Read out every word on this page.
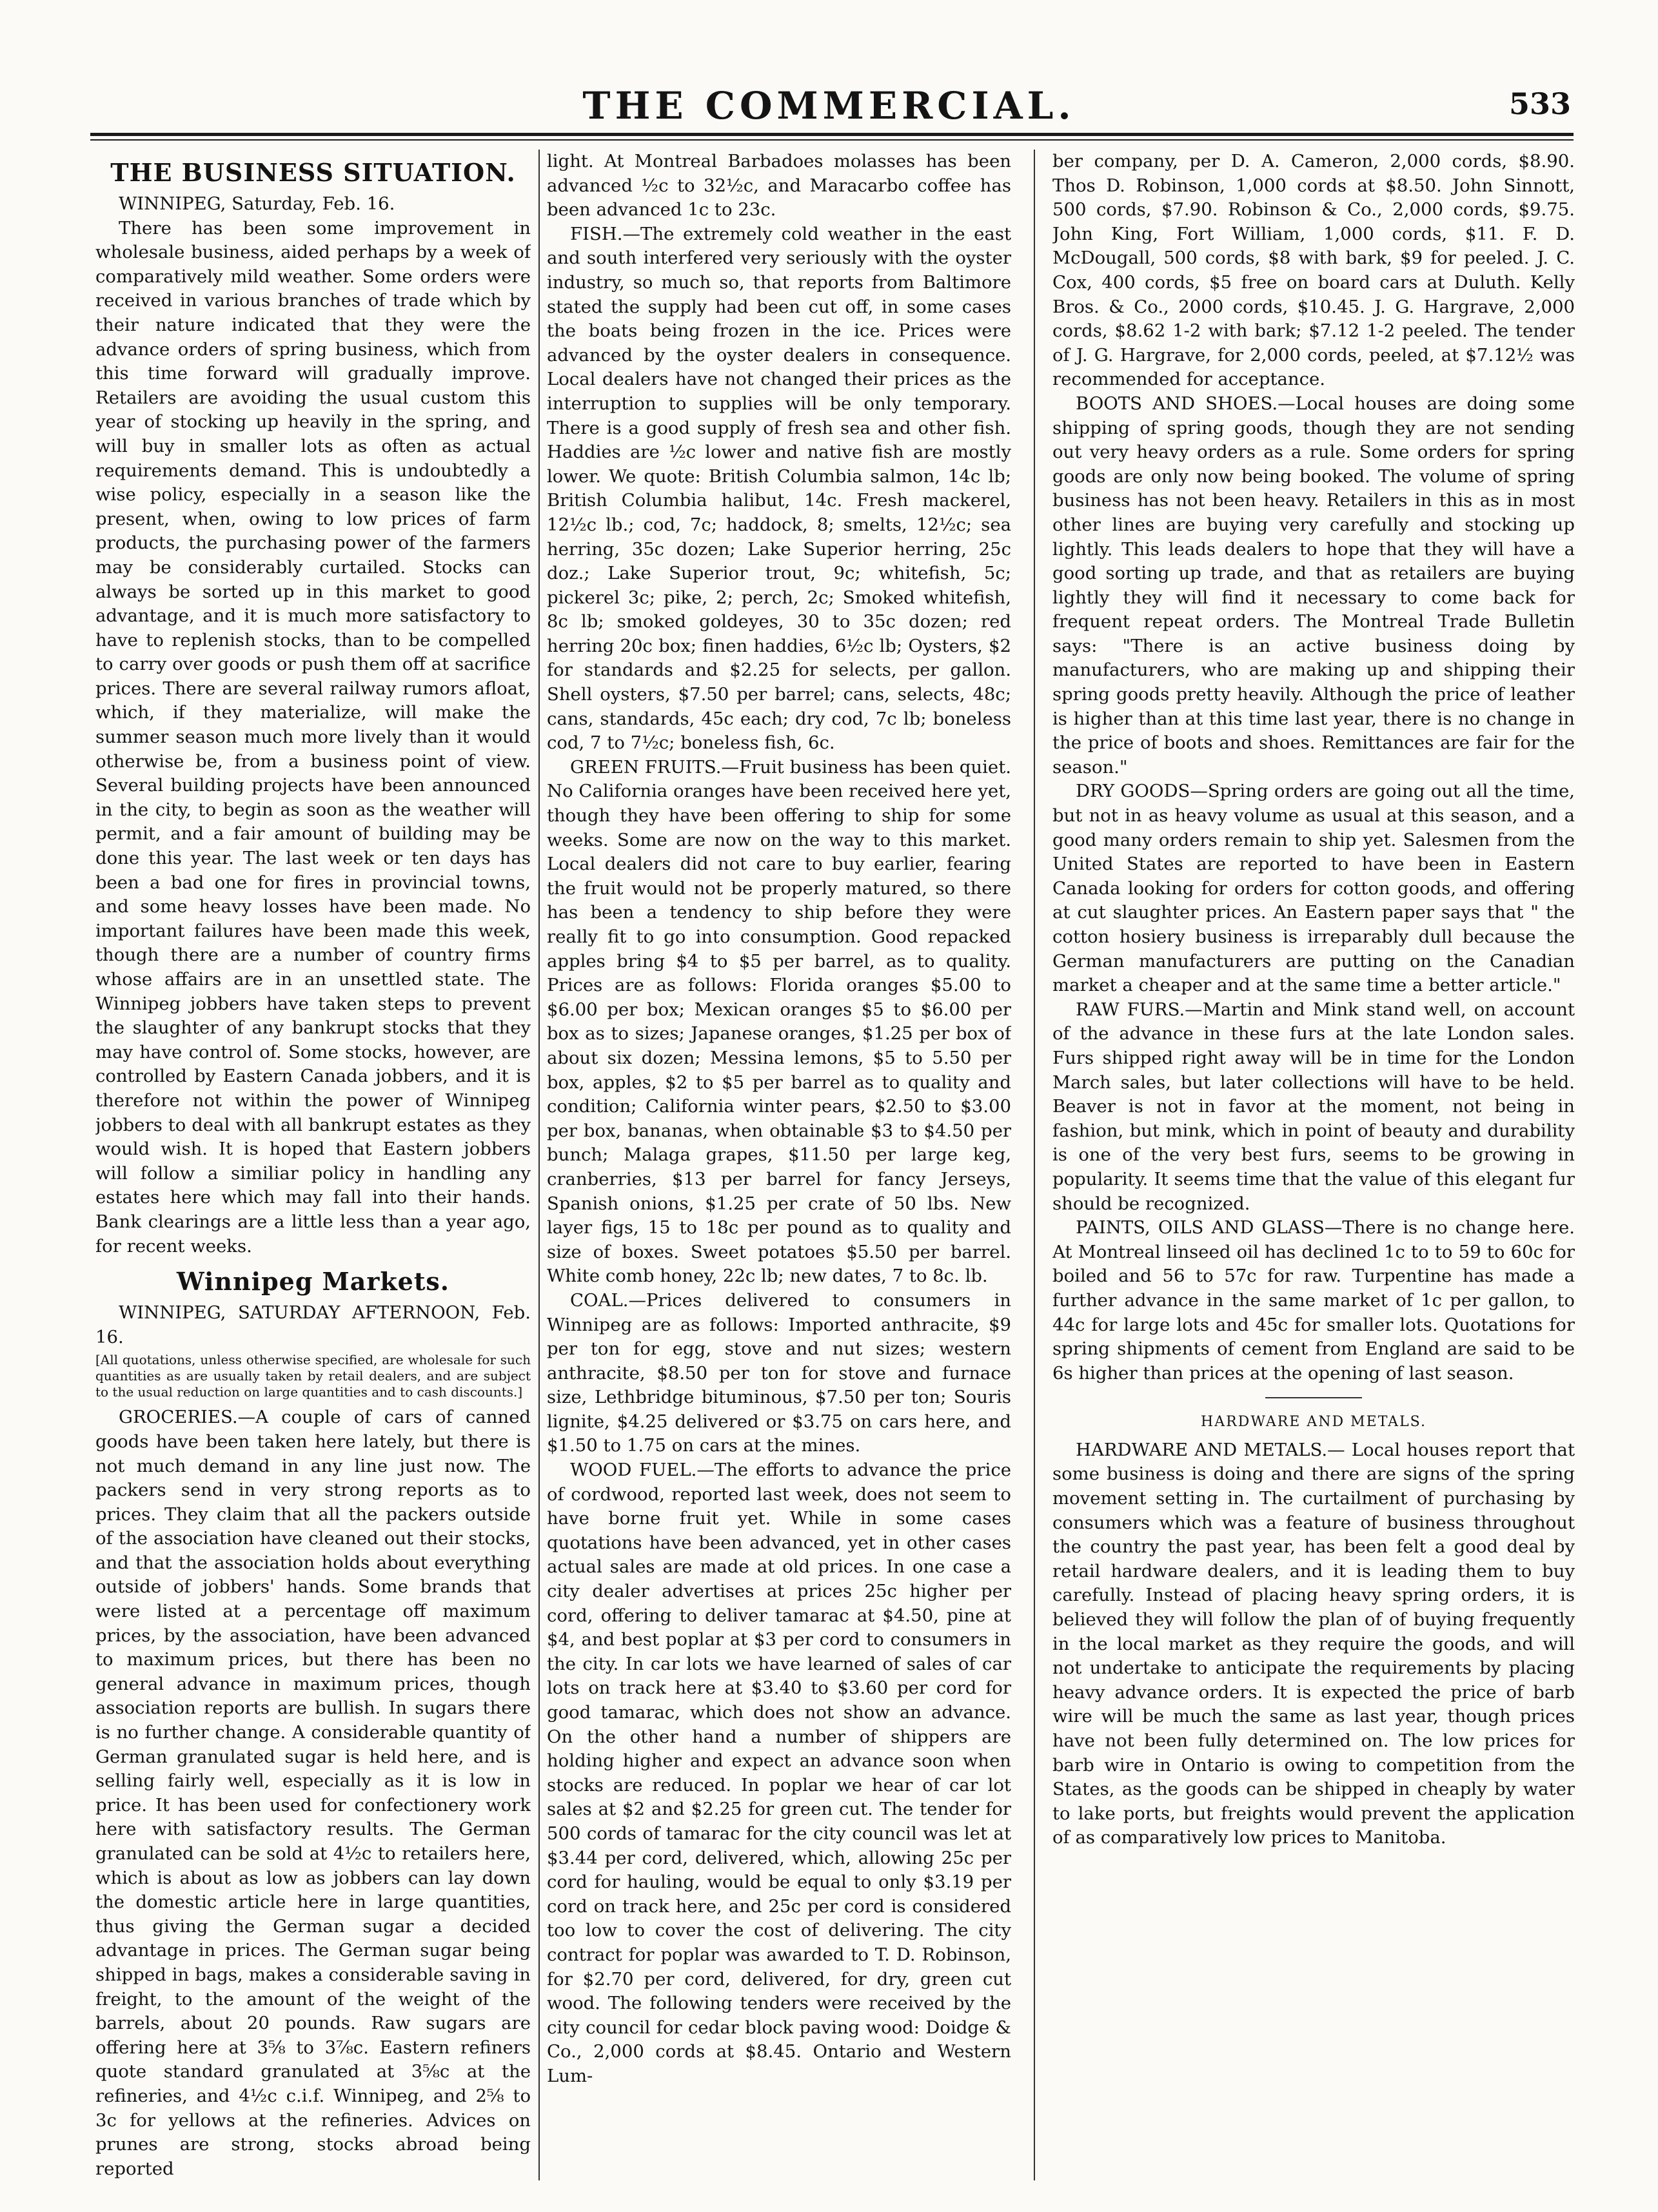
THE COMMERCIAL.	533
THE BUSINESS SITUATION.

WINNIPEG, Saturday, Feb. 16.

There has been some improvement in wholesale business, aided perhaps by a week of comparatively mild weather. Some orders were received in various branches of trade which by their nature indicated that they were the advance orders of spring business, which from this time forward will gradually improve. Retailers are avoiding the usual custom this year of stocking up heavily in the spring, and will buy in smaller lots as often as actual requirements demand. This is undoubtedly a wise policy, especially in a season like the present, when, owing to low prices of farm products, the purchasing power of the farmers may be considerably curtailed. Stocks can always be sorted up in this market to good advantage, and it is much more satisfactory to have to replenish stocks, than to be compelled to carry over goods or push them off at sacrifice prices. There are several railway rumors afloat, which, if they materialize, will make the summer season much more lively than it would otherwise be, from a business point of view. Several building projects have been announced in the city, to begin as soon as the weather will permit, and a fair amount of building may be done this year. The last week or ten days has been a bad one for fires in provincial towns, and some heavy losses have been made. No important failures have been made this week, though there are a number of country firms whose affairs are in an unsettled state. The Winnipeg jobbers have taken steps to prevent the slaughter of any bankrupt stocks that they may have control of. Some stocks, however, are controlled by Eastern Canada jobbers, and it is therefore not within the power of Winnipeg jobbers to deal with all bankrupt estates as they would wish. It is hoped that Eastern jobbers will follow a similiar policy in handling any estates here which may fall into their hands. Bank clearings are a little less than a year ago, for recent weeks.

Winnipeg Markets.

WINNIPEG, SATURDAY AFTERNOON, Feb. 16.

[All quotations, unless otherwise specified, are wholesale for such quantities as are usually taken by retail dealers, and are subject to the usual reduction on large quantities and to cash discounts.]

GROCERIES.—A couple of cars of canned goods have been taken here lately, but there is not much demand in any line just now. The packers send in very strong reports as to prices. They claim that all the packers outside of the association have cleaned out their stocks, and that the association holds about everything outside of jobbers' hands. Some brands that were listed at a percentage off maximum prices, by the association, have been advanced to maximum prices, but there has been no general advance in maximum prices, though association reports are bullish. In sugars there is no further change. A considerable quantity of German granulated sugar is held here, and is selling fairly well, especially as it is low in price. It has been used for confectionery work here with satisfactory results. The German granulated can be sold at 4½c to retailers here, which is about as low as jobbers can lay down the domestic article here in large quantities, thus giving the German sugar a decided advantage in prices. The German sugar being shipped in bags, makes a considerable saving in freight, to the amount of the weight of the barrels, about 20 pounds. Raw sugars are offering here at 3⅝ to 3⅞c. Eastern refiners quote standard granulated at 3⅝c at the refineries, and 4½c c.i.f. Winnipeg, and 2⅝ to 3c for yellows at the refineries. Advices on prunes are strong, stocks abroad being reported

light. At Montreal Barbadoes molasses has been advanced ½c to 32½c, and Maracarbo coffee has been advanced 1c to 23c.

FISH.—The extremely cold weather in the east and south interfered very seriously with the oyster industry, so much so, that reports from Baltimore stated the supply had been cut off, in some cases the boats being frozen in the ice. Prices were advanced by the oyster dealers in consequence. Local dealers have not changed their prices as the interruption to supplies will be only temporary. There is a good supply of fresh sea and other fish. Haddies are ½c lower and native fish are mostly lower. We quote: British Columbia salmon, 14c lb; British Columbia halibut, 14c. Fresh mackerel, 12½c lb.; cod, 7c; haddock, 8; smelts, 12½c; sea herring, 35c dozen; Lake Superior herring, 25c doz.; Lake Superior trout, 9c; whitefish, 5c; pickerel 3c; pike, 2; perch, 2c; Smoked whitefish, 8c lb; smoked goldeyes, 30 to 35c dozen; red herring 20c box; finen haddies, 6½c lb; Oysters, $2 for standards and $2.25 for selects, per gallon. Shell oysters, $7.50 per barrel; cans, selects, 48c; cans, standards, 45c each; dry cod, 7c lb; boneless cod, 7 to 7½c; boneless fish, 6c.

GREEN FRUITS.—Fruit business has been quiet. No California oranges have been received here yet, though they have been offering to ship for some weeks. Some are now on the way to this market. Local dealers did not care to buy earlier, fearing the fruit would not be properly matured, so there has been a tendency to ship before they were really fit to go into consumption. Good repacked apples bring $4 to $5 per barrel, as to quality. Prices are as follows: Florida oranges $5.00 to $6.00 per box; Mexican oranges $5 to $6.00 per box as to sizes; Japanese oranges, $1.25 per box of about six dozen; Messina lemons, $5 to 5.50 per box, apples, $2 to $5 per barrel as to quality and condition; California winter pears, $2.50 to $3.00 per box, bananas, when obtainable $3 to $4.50 per bunch; Malaga grapes, $11.50 per large keg, cranberries, $13 per barrel for fancy Jerseys, Spanish onions, $1.25 per crate of 50 lbs. New layer figs, 15 to 18c per pound as to quality and size of boxes. Sweet potatoes $5.50 per barrel. White comb honey, 22c lb; new dates, 7 to 8c. lb.

COAL.—Prices delivered to consumers in Winnipeg are as follows: Imported anthracite, $9 per ton for egg, stove and nut sizes; western anthracite, $8.50 per ton for stove and furnace size, Lethbridge bituminous, $7.50 per ton; Souris lignite, $4.25 delivered or $3.75 on cars here, and $1.50 to 1.75 on cars at the mines.

WOOD FUEL.—The efforts to advance the price of cordwood, reported last week, does not seem to have borne fruit yet. While in some cases quotations have been advanced, yet in other cases actual sales are made at old prices. In one case a city dealer advertises at prices 25c higher per cord, offering to deliver tamarac at $4.50, pine at $4, and best poplar at $3 per cord to consumers in the city. In car lots we have learned of sales of car lots on track here at $3.40 to $3.60 per cord for good tamarac, which does not show an advance. On the other hand a number of shippers are holding higher and expect an advance soon when stocks are reduced. In poplar we hear of car lot sales at $2 and $2.25 for green cut. The tender for 500 cords of tamarac for the city council was let at $3.44 per cord, delivered, which, allowing 25c per cord for hauling, would be equal to only $3.19 per cord on track here, and 25c per cord is considered too low to cover the cost of delivering. The city contract for poplar was awarded to T. D. Robinson, for $2.70 per cord, delivered, for dry, green cut wood. The following tenders were received by the city council for cedar block paving wood: Doidge & Co., 2,000 cords at $8.45. Ontario and Western Lum-

ber company, per D. A. Cameron, 2,000 cords, $8.90. Thos D. Robinson, 1,000 cords at $8.50. John Sinnott, 500 cords, $7.90. Robinson & Co., 2,000 cords, $9.75. John King, Fort William, 1,000 cords, $11. F. D. McDougall, 500 cords, $8 with bark, $9 for peeled. J. C. Cox, 400 cords, $5 free on board cars at Duluth. Kelly Bros. & Co., 2000 cords, $10.45. J. G. Hargrave, 2,000 cords, $8.62 1-2 with bark; $7.12 1-2 peeled. The tender of J. G. Hargrave, for 2,000 cords, peeled, at $7.12½ was recommended for acceptance.

BOOTS AND SHOES.—Local houses are doing some shipping of spring goods, though they are not sending out very heavy orders as a rule. Some orders for spring goods are only now being booked. The volume of spring business has not been heavy. Retailers in this as in most other lines are buying very carefully and stocking up lightly. This leads dealers to hope that they will have a good sorting up trade, and that as retailers are buying lightly they will find it necessary to come back for frequent repeat orders. The Montreal Trade Bulletin says: "There is an active business doing by manufacturers, who are making up and shipping their spring goods pretty heavily. Although the price of leather is higher than at this time last year, there is no change in the price of boots and shoes. Remittances are fair for the season."

DRY GOODS—Spring orders are going out all the time, but not in as heavy volume as usual at this season, and a good many orders remain to ship yet. Salesmen from the United States are reported to have been in Eastern Canada looking for orders for cotton goods, and offering at cut slaughter prices. An Eastern paper says that " the cotton hosiery business is irreparably dull because the German manufacturers are putting on the Canadian market a cheaper and at the same time a better article."

RAW FURS.—Martin and Mink stand well, on account of the advance in these furs at the late London sales. Furs shipped right away will be in time for the London March sales, but later collections will have to be held. Beaver is not in favor at the moment, not being in fashion, but mink, which in point of beauty and durability is one of the very best furs, seems to be growing in popularity. It seems time that the value of this elegant fur should be recognized.

PAINTS, OILS AND GLASS—There is no change here. At Montreal linseed oil has declined 1c to to 59 to 60c for boiled and 56 to 57c for raw. Turpentine has made a further advance in the same market of 1c per gallon, to 44c for large lots and 45c for smaller lots. Quotations for spring shipments of cement from England are said to be 6s higher than prices at the opening of last season.

HARDWARE AND METALS.

HARDWARE AND METALS.— Local houses report that some business is doing and there are signs of the spring movement setting in. The curtailment of purchasing by consumers which was a feature of business throughout the country the past year, has been felt a good deal by retail hardware dealers, and it is leading them to buy carefully. Instead of placing heavy spring orders, it is believed they will follow the plan of of buying frequently in the local market as they require the goods, and will not undertake to anticipate the requirements by placing heavy advance orders. It is expected the price of barb wire will be much the same as last year, though prices have not been fully determined on. The low prices for barb wire in Ontario is owing to competition from the States, as the goods can be shipped in cheaply by water to lake ports, but freights would prevent the application of as comparatively low prices to Manitoba.
